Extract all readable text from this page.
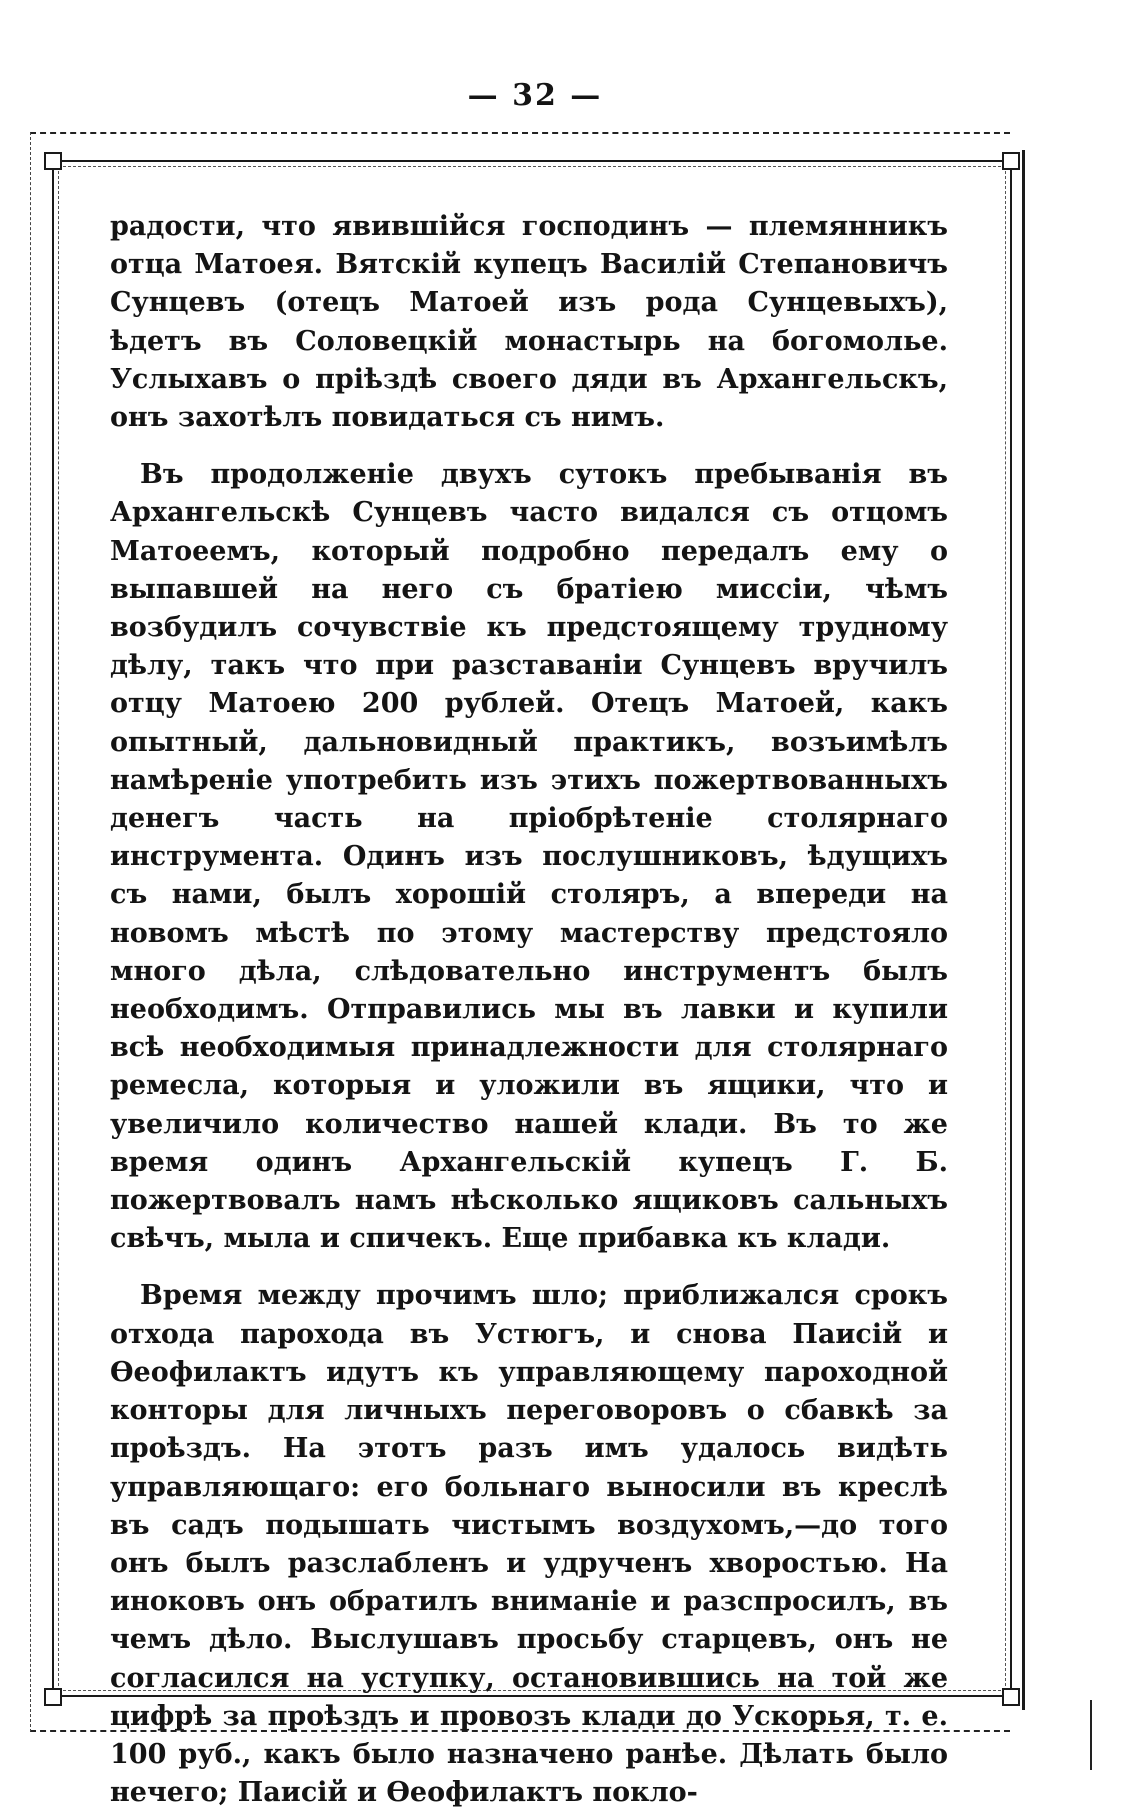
— 32 —

радости, что явившійся господинъ — племянникъ отца Матоея. Вятскій купецъ Василій Степановичъ Сунцевъ (отецъ Матоей изъ рода Сунцевыхъ), ѣдетъ въ Соловецкій монастырь на богомолье. Услыхавъ о пріѣздѣ своего дяди въ Архангельскъ, онъ захотѣлъ повидаться съ нимъ.

Въ продолженіе двухъ сутокъ пребыванія въ Архангельскѣ Сунцевъ часто видался съ отцомъ Матоеемъ, который подробно передалъ ему о выпавшей на него съ братіею миссіи, чѣмъ возбудилъ сочувствіе къ предстоящему трудному дѣлу, такъ что при разставаніи Сунцевъ вручилъ отцу Матоею 200 рублей. Отецъ Матоей, какъ опытный, дальновидный практикъ, возъимѣлъ намѣреніе употребить изъ этихъ пожертвованныхъ денегъ часть на пріобрѣтеніе столярнаго инструмента. Одинъ изъ послушниковъ, ѣдущихъ съ нами, былъ хорошій столяръ, а впереди на новомъ мѣстѣ по этому мастерству предстояло много дѣла, слѣдовательно инструментъ былъ необходимъ. Отправились мы въ лавки и купили всѣ необходимыя принадлежности для столярнаго ремесла, которыя и уложили въ ящики, что и увеличило количество нашей клади. Въ то же время одинъ Архангельскій купецъ Г. Б. пожертвовалъ намъ нѣсколько ящиковъ сальныхъ свѣчъ, мыла и спичекъ. Еще прибавка къ клади.

Время между прочимъ шло; приближался срокъ отхода парохода въ Устюгъ, и снова Паисій и Ѳеофилактъ идутъ къ управляющему пароходной конторы для личныхъ переговоровъ о сбавкѣ за проѣздъ. На этотъ разъ имъ удалось видѣть управляющаго: его больнаго выносили въ креслѣ въ садъ подышать чистымъ воздухомъ,—до того онъ былъ разслабленъ и удрученъ хворостью. На иноковъ онъ обратилъ вниманіе и разспросилъ, въ чемъ дѣло. Выслушавъ просьбу старцевъ, онъ не согласился на уступку, остановившись на той же цифрѣ за проѣздъ и провозъ клади до Ускорья, т. е. 100 руб., какъ было назначено ранѣе. Дѣлать было нечего; Паисій и Ѳеофилактъ покло-
